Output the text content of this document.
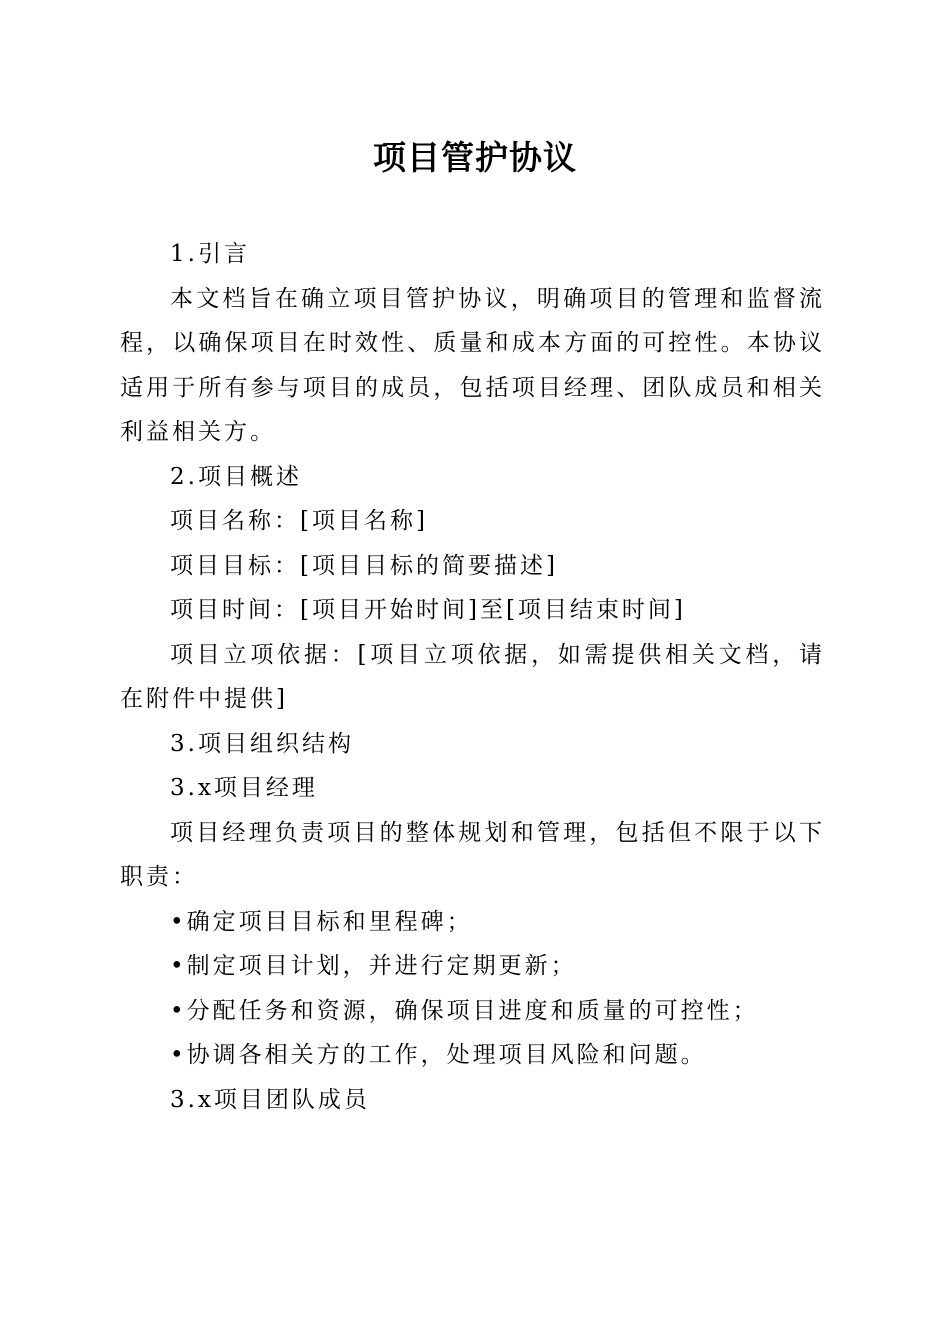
项目管护协议

1.引言

本文档旨在确立项目管护协议，明确项目的管理和监督流程，以确保项目在时效性、质量和成本方面的可控性。本协议适用于所有参与项目的成员，包括项目经理、团队成员和相关利益相关方。

2.项目概述

项目名称：[项目名称]

项目目标：[项目目标的简要描述]

项目时间：[项目开始时间]至[项目结束时间]

项目立项依据：[项目立项依据，如需提供相关文档，请在附件中提供]

3.项目组织结构

3.x项目经理

项目经理负责项目的整体规划和管理，包括但不限于以下职责：

•确定项目目标和里程碑；

•制定项目计划，并进行定期更新；

•分配任务和资源，确保项目进度和质量的可控性；

•协调各相关方的工作，处理项目风险和问题。

3.x项目团队成员
